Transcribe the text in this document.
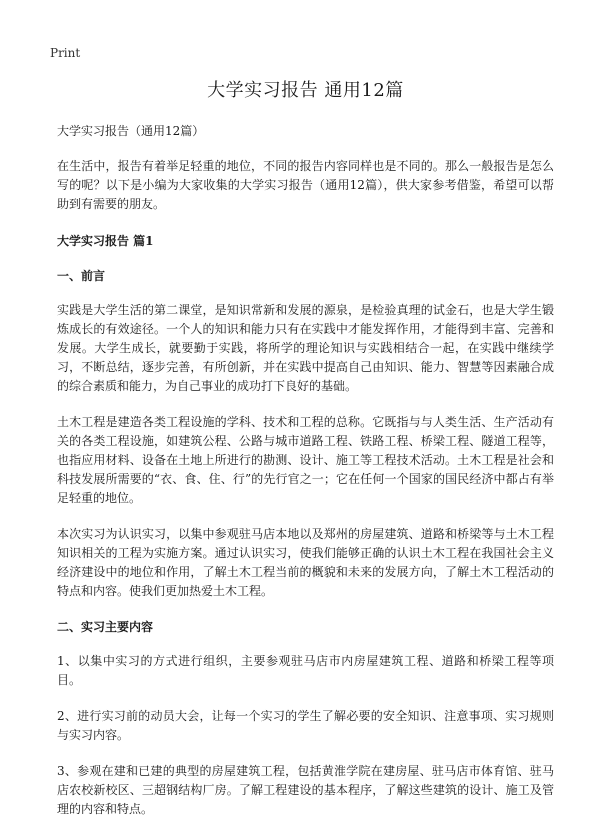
Print
大学实习报告 通用12篇
大学实习报告（通用12篇）

在生活中，报告有着举足轻重的地位，不同的报告内容同样也是不同的。那么一般报告是怎么写的呢？以下是小编为大家收集的大学实习报告（通用12篇），供大家参考借鉴，希望可以帮助到有需要的朋友。

大学实习报告 篇1
一、前言

实践是大学生活的第二课堂，是知识常新和发展的源泉，是检验真理的试金石，也是大学生锻炼成长的有效途径。一个人的知识和能力只有在实践中才能发挥作用，才能得到丰富、完善和发展。大学生成长，就要勤于实践，将所学的理论知识与实践相结合一起，在实践中继续学习，不断总结，逐步完善，有所创新，并在实践中提高自己由知识、能力、智慧等因素融合成的综合素质和能力，为自己事业的成功打下良好的基础。

土木工程是建造各类工程设施的学科、技术和工程的总称。它既指与与人类生活、生产活动有关的各类工程设施，如建筑公程、公路与城市道路工程、铁路工程、桥梁工程、隧道工程等，也指应用材料、设备在土地上所进行的勘测、设计、施工等工程技术活动。土木工程是社会和科技发展所需要的“衣、食、住、行”的先行官之一；它在任何一个国家的国民经济中都占有举足轻重的地位。

本次实习为认识实习，以集中参观驻马店本地以及郑州的房屋建筑、道路和桥梁等与土木工程知识相关的工程为实施方案。通过认识实习，使我们能够正确的认识土木工程在我国社会主义经济建设中的地位和作用，了解土木工程当前的概貌和未来的发展方向，了解土木工程活动的特点和内容。使我们更加热爱土木工程。

二、实习主要内容

1、以集中实习的方式进行组织，主要参观驻马店市内房屋建筑工程、道路和桥梁工程等项目。

2、进行实习前的动员大会，让每一个实习的学生了解必要的安全知识、注意事项、实习规则与实习内容。

3、参观在建和已建的典型的房屋建筑工程，包括黄淮学院在建房屋、驻马店市体育馆、驻马店农校新校区、三超钢结构厂房。了解工程建设的基本程序，了解这些建筑的设计、施工及管理的内容和特点。
